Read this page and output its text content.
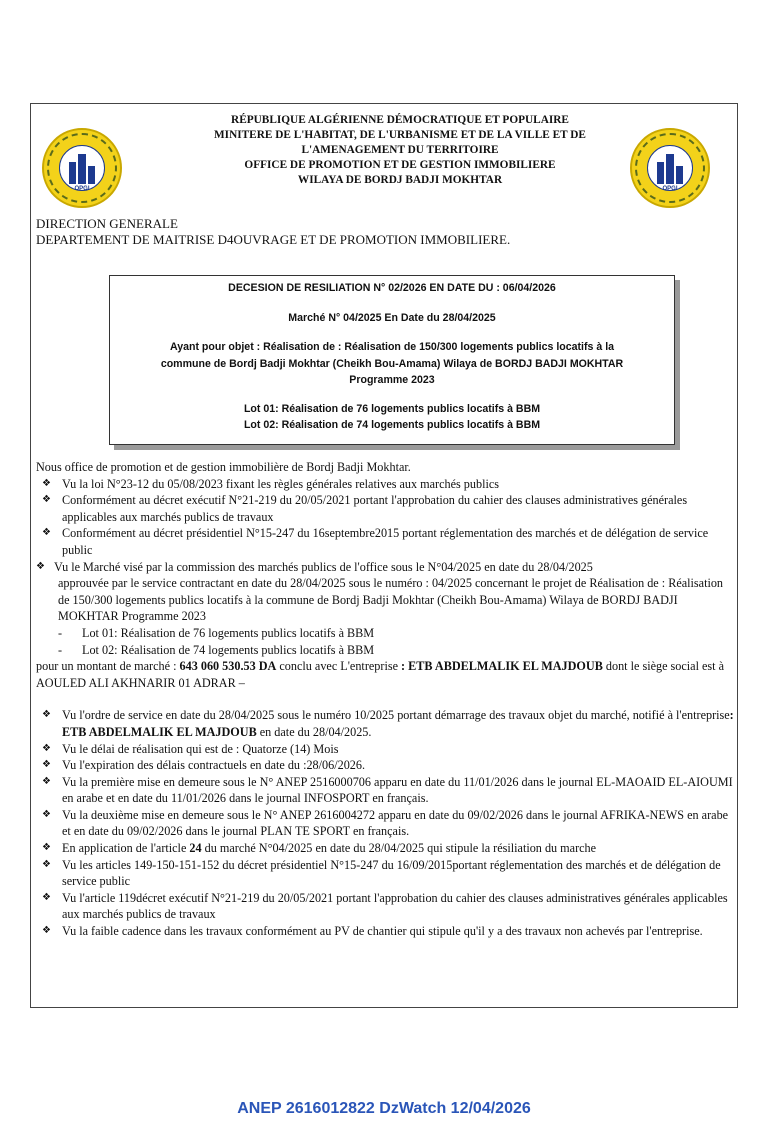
OPGI	OPGI
RÉPUBLIQUE ALGÉRIENNE DÉMOCRATIQUE ET POPULAIRE
MINITERE DE L'HABITAT, DE L'URBANISME ET DE LA VILLE ET DE
L'AMENAGEMENT DU TERRITOIRE
OFFICE DE PROMOTION ET DE GESTION IMMOBILIERE
WILAYA DE BORDJ BADJI MOKHTAR
DIRECTION GENERALE
DEPARTEMENT DE MAITRISE D4OUVRAGE ET DE PROMOTION IMMOBILIERE.

DECESION DE RESILIATION N° 02/2026 EN DATE DU : 06/04/2026

Marché N° 04/2025 En Date du 28/04/2025

Ayant pour objet : Réalisation de : Réalisation de 150/300 logements publics locatifs à la

commune de Bordj Badji Mokhtar (Cheikh Bou-Amama) Wilaya de BORDJ BADJI MOKHTAR

Programme 2023

Lot 01: Réalisation de 76 logements publics locatifs à BBM

Lot 02: Réalisation de 74 logements publics locatifs à BBM

Nous office de promotion et de gestion immobilière de Bordj Badji Mokhtar.

❖ Vu la loi N°23-12 du 05/08/2023 fixant les règles générales relatives aux marchés publics

❖ Conformément au décret exécutif N°21-219 du 20/05/2021 portant l'approbation du cahier des clauses administratives générales applicables aux marchés publics de travaux

❖ Conformément au décret présidentiel N°15-247 du 16septembre2015 portant réglementation des marchés et de délégation de service public

❖ Vu le Marché visé par la commission des marchés publics de l'office sous le N°04/2025 en date du 28/04/2025

approuvée par le service contractant en date du 28/04/2025 sous le numéro : 04/2025 concernant le projet de Réalisation de : Réalisation de 150/300 logements publics locatifs à la commune de Bordj Badji Mokhtar (Cheikh Bou-Amama) Wilaya de BORDJ BADJI MOKHTAR Programme 2023

- Lot 01: Réalisation de 76 logements publics locatifs à BBM

- Lot 02: Réalisation de 74 logements publics locatifs à BBM

pour un montant de marché : 643 060 530.53 DA conclu avec L'entreprise : ETB ABDELMALIK EL MAJDOUB dont le siège social est à AOULED ALI AKHNARIR 01 ADRAR –

❖ Vu l'ordre de service en date du 28/04/2025 sous le numéro 10/2025 portant démarrage des travaux objet du marché, notifié à l'entreprise: ETB ABDELMALIK EL MAJDOUB en date du 28/04/2025.

❖ Vu le délai de réalisation qui est de : Quatorze (14) Mois

❖ Vu l'expiration des délais contractuels en date du :28/06/2026.

❖ Vu la première mise en demeure sous le N° ANEP 2516000706 apparu en date du 11/01/2026 dans le journal EL-MAOAID EL-AIOUMI en arabe et en date du 11/01/2026 dans le journal INFOSPORT en français.

❖ Vu la deuxième mise en demeure sous le N° ANEP 2616004272 apparu en date du 09/02/2026 dans le journal AFRIKA-NEWS en arabe et en date du 09/02/2026 dans le journal PLAN TE SPORT en français.

❖ En application de l'article 24 du marché N°04/2025 en date du 28/04/2025 qui stipule la résiliation du marche

❖ Vu les articles 149-150-151-152 du décret présidentiel N°15-247 du 16/09/2015portant réglementation des marchés et de délégation de service public

❖ Vu l'article 119décret exécutif N°21-219 du 20/05/2021 portant l'approbation du cahier des clauses administratives générales applicables aux marchés publics de travaux

❖ Vu la faible cadence dans les travaux conformément au PV de chantier qui stipule qu'il y a des travaux non achevés par l'entreprise.

ANEP 2616012822 DzWatch 12/04/2026
